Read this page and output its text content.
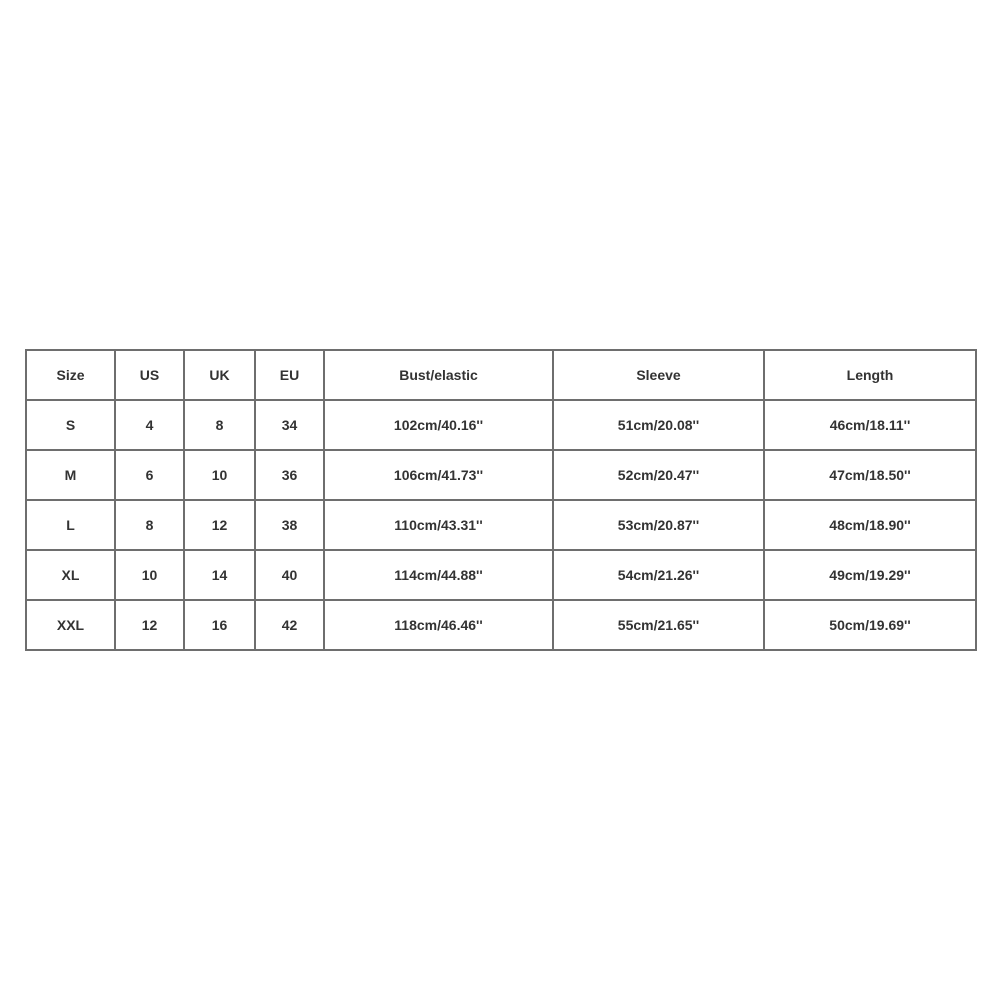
Size	US	UK	EU	Bust/elastic	Sleeve	Length
S	4	8	34	102cm/40.16''	51cm/20.08''	46cm/18.11''
M	6	10	36	106cm/41.73''	52cm/20.47''	47cm/18.50''
L	8	12	38	110cm/43.31''	53cm/20.87''	48cm/18.90''
XL	10	14	40	114cm/44.88''	54cm/21.26''	49cm/19.29''
XXL	12	16	42	118cm/46.46''	55cm/21.65''	50cm/19.69''
